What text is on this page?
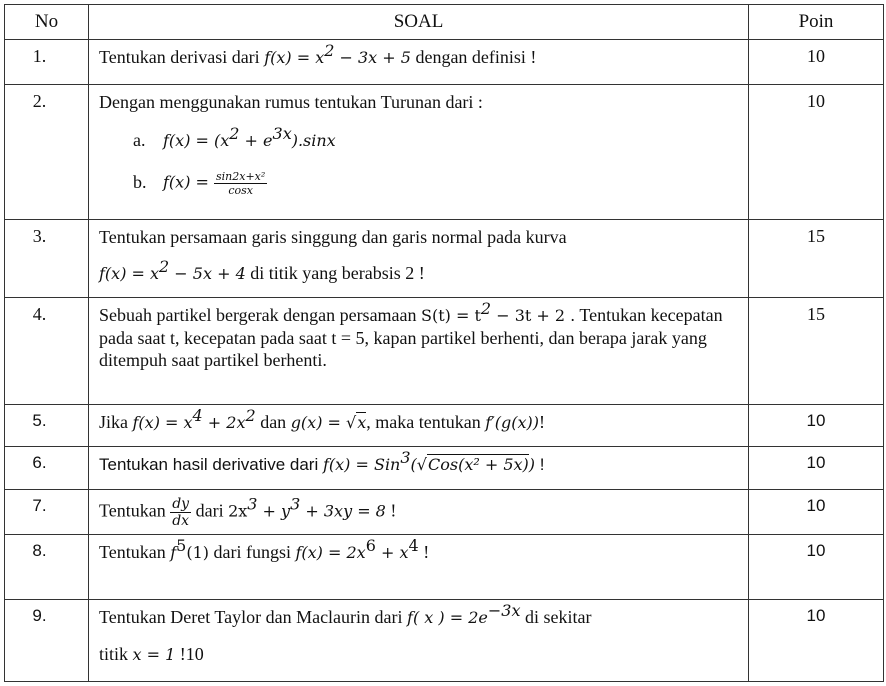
No	SOAL	Poin
1.	Tentukan derivasi dari $f(x) = x^2 - 3x + 5$ dengan definisi !	10
2.	Dengan menggunakan rumus tentukan Turunan dari :
a. $f(x) = (x^2 + e^{3x}).\sin x$
b. $f(x) = \frac{\text{sin2x+x²}}{\cos x}$	10
3.	Tentukan persamaan garis singgung dan garis normal pada kurva
$f(x) = x^2 - 5x + 4$ di titik yang berabsis 2 !	15
4.	Sebuah partikel bergerak dengan persamaan $S(t) = t^2 - 3t + 2$ . Tentukan kecepatan pada saat t, kecepatan pada saat t = 5, kapan partikel berhenti, dan berapa jarak yang ditempuh saat partikel berhenti.	15
5.	Jika $f(x) = x^4 + 2x^2$ dan g(x) = √x, maka tentukan f′(g(x))!	10
6.	Tentukan hasil derivative dari f(x) = Sin$^3$(√Cos(x² + 5x)) !	10
7.	Tentukan $\frac{dy}{dx}$ dari $2x^3 + y^3 + 3xy = 8$ !	10
8.	Tentukan $f^5(1)$ dari fungsi $f(x) = 2x^6 + x^4$ !	10
9.	Tentukan Deret Taylor dan Maclaurin dari f( x ) = $2e^{-3x}$ di sekitar
titik x = 1 !10	10
